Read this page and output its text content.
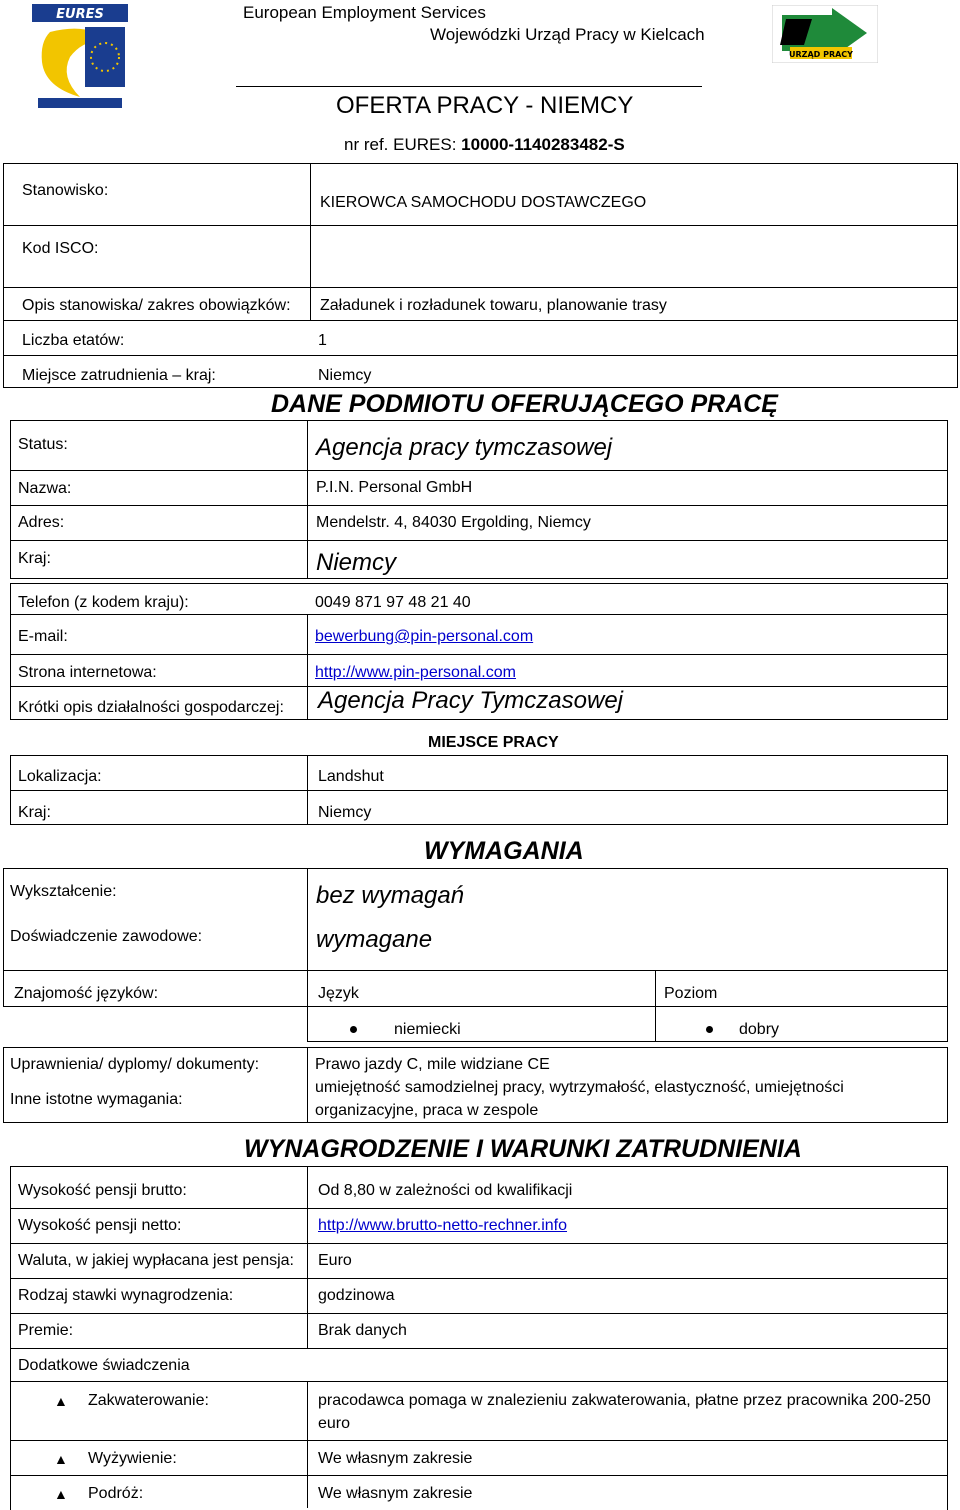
EURES	European Employment Services
Wojewódzki Urząd Pracy w Kielcach
URZĄD PRACY
OFERTA PRACY - NIEMCY
nr ref. EURES: 10000-1140283482-S
Stanowisko:
KIEROWCA SAMOCHODU DOSTAWCZEGO
Kod ISCO:
Opis stanowiska/ zakres obowiązków: Załadunek i rozładunek towaru, planowanie trasy
Liczba etatów:	1
Miejsce zatrudnienia – kraj:	Niemcy
DANE PODMIOTU OFERUJĄCEGO PRACĘ
Status:	Agencja pracy tymczasowej
Nazwa:	P.I.N. Personal GmbH
Adres:	Mendelstr. 4, 84030 Ergolding, Niemcy
Kraj:	Niemcy
Telefon (z kodem kraju):	0049 871 97 48 21 40
E-mail:	bewerbung@pin-personal.com
Strona internetowa:	http://www.pin-personal.com
Krótki opis działalności gospodarczej: Agencja Pracy Tymczasowej
MIEJSCE PRACY
Lokalizacja:	Landshut
Kraj:	Niemcy
WYMAGANIA
Wykształcenie:	bez wymagań
Doświadczenie zawodowe:	wymagane
Znajomość języków:	Język	Poziom
niemiecki	dobry
Uprawnienia/ dyplomy/ dokumenty:	Prawo jazdy C, mile widziane CE
Inne istotne wymagania:
umiejętność samodzielnej pracy, wytrzymałość, elastyczność, umiejętności
organizacyjne, praca w zespole
WYNAGRODZENIE I WARUNKI ZATRUDNIENIA
Wysokość pensji brutto:	Od 8,80 w zależności od kwalifikacji
Wysokość pensji netto:	http://www.brutto-netto-rechner.info
Waluta, w jakiej wypłacana jest pensja: Euro
Rodzaj stawki wynagrodzenia:	godzinowa
Premie:	Brak danych
Dodatkowe świadczenia
▲ Zakwaterowanie:	pracodawca pomaga w znalezieniu zakwaterowania, płatne przez pracownika 200-250
euro
▲ Wyżywienie:	We własnym zakresie
▲ Podróż:	We własnym zakresie
